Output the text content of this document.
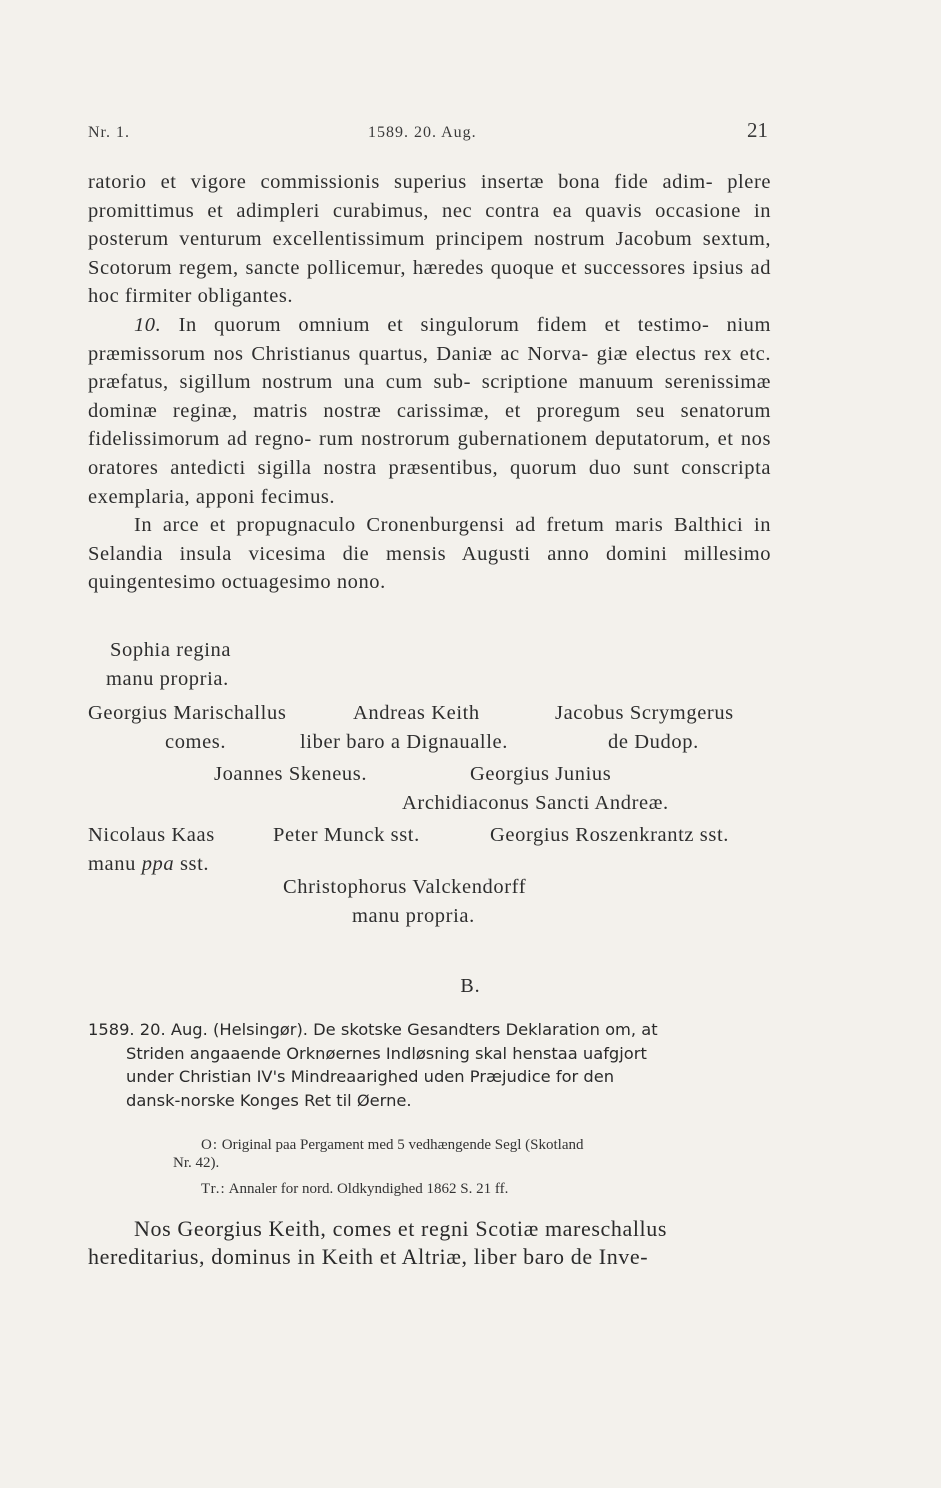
Nr. 1.	1589. 20. Aug.	21

ratorio et vigore commissionis superius insertæ bona fide adim- plere promittimus et adimpleri curabimus, nec contra ea quavis occasione in posterum venturum excellentissimum principem nostrum Jacobum sextum, Scotorum regem, sancte pollicemur, hæredes quoque et successores ipsius ad hoc firmiter obligantes.

10. In quorum omnium et singulorum fidem et testimo- nium præmissorum nos Christianus quartus, Daniæ ac Norva- giæ electus rex etc. præfatus, sigillum nostrum una cum sub- scriptione manuum serenissimæ dominæ reginæ, matris nostræ carissimæ, et proregum seu senatorum fidelissimorum ad regno- rum nostrorum gubernationem deputatorum, et nos oratores antedicti sigilla nostra præsentibus, quorum duo sunt conscripta exemplaria, apponi fecimus.

In arce et propugnaculo Cronenburgensi ad fretum maris Balthici in Selandia insula vicesima die mensis Augusti anno domini millesimo quingentesimo octuagesimo nono.

Sophia regina
manu propria.
Georgius Marischallus
comes.
Andreas Keith
liber baro a Dignaualle.
Jacobus Scrymgerus
de Dudop.
Joannes Skeneus.	Georgius Junius
Archidiaconus Sancti Andreæ.
Nicolaus Kaas
manu ppa sst.
Peter Munck sst.	Georgius Roszenkrantz sst.
Christophorus Valckendorff
manu propria.
B.
1589. 20. Aug. (Helsingør). De skotske Gesandters Deklaration om, at
Striden angaaende Orknøernes Indløsning skal henstaa uafgjort
under Christian IV's Mindreaarighed uden Præjudice for den
dansk-norske Konges Ret til Øerne.
O: Original paa Pergament med 5 vedhængende Segl (Skotland
Nr. 42).
Tr.: Annaler for nord. Oldkyndighed 1862 S. 21 ff.

Nos Georgius Keith, comes et regni Scotiæ mareschallus

hereditarius, dominus in Keith et Altriæ, liber baro de Inve-
